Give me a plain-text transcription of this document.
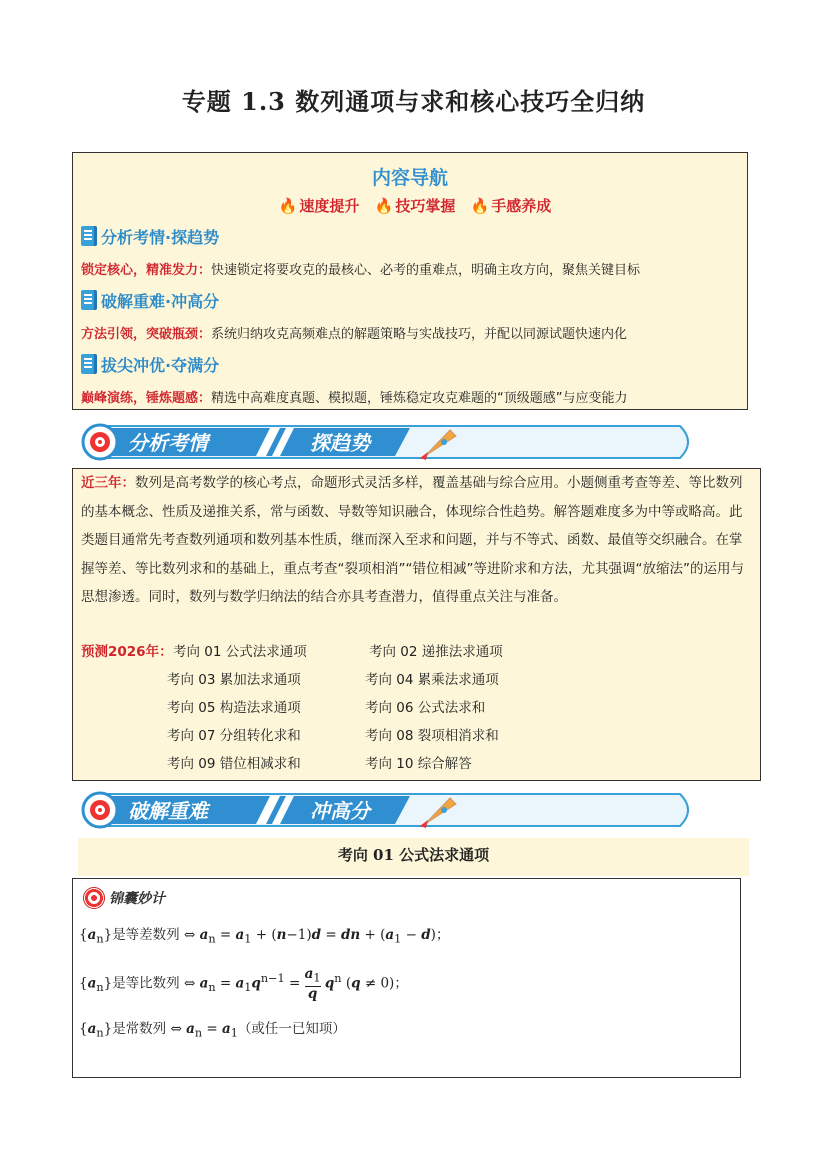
专题 1.3 数列通项与求和核心技巧全归纳
内容导航
🔥 速度提升 🔥 技巧掌握 🔥 手感养成
分析考情·探趋势
锁定核心，精准发力：快速锁定将要攻克的最核心、必考的重难点，明确主攻方向，聚焦关键目标
破解重难·冲高分
方法引领，突破瓶颈：系统归纳攻克高频难点的解题策略与实战技巧，并配以同源试题快速内化
拔尖冲优·夺满分
巅峰演练，锤炼题感：精选中高难度真题、模拟题，锤炼稳定攻克难题的“顶级题感”与应变能力
分析考情	探趋势
近三年：数列是高考数学的核心考点，命题形式灵活多样，覆盖基础与综合应用。小题侧重考查等差、等比数列的基本概念、性质及递推关系，常与函数、导数等知识融合，体现综合性趋势。解答题难度多为中等或略高。此类题目通常先考查数列通项和数列基本性质，继而深入至求和问题，并与不等式、函数、最值等交织融合。在掌握等差、等比数列求和的基础上，重点考查“裂项相消”“错位相减”等进阶求和方法，尤其强调“放缩法”的运用与思想渗透。同时，数列与数学归纳法的结合亦具考查潜力，值得重点关注与准备。
预测2026年： 考向 01 公式法求通项	考向 02 递推法求通项
考向 03 累加法求通项	考向 04 累乘法求通项
考向 05 构造法求通项	考向 06 公式法求和
考向 07 分组转化求和	考向 08 裂项相消求和
考向 09 错位相减求和	考向 10 综合解答
破解重难	冲高分
考向 01 公式法求通项
锦囊妙计
$\{a_n\}$是等差数列 ⇔ $a_n = a_1 + (n-1)d$ = dn + $(a_1 - d)$；
$\{a_n\}$是等比数列 ⇔ $a_n = a_1q^{n-1} = a_1$

q
$q^n$ (q ≠ 0)；
$\{a_n\}$是常数列 ⇔ $a_n = a_1$（或任一已知项）
